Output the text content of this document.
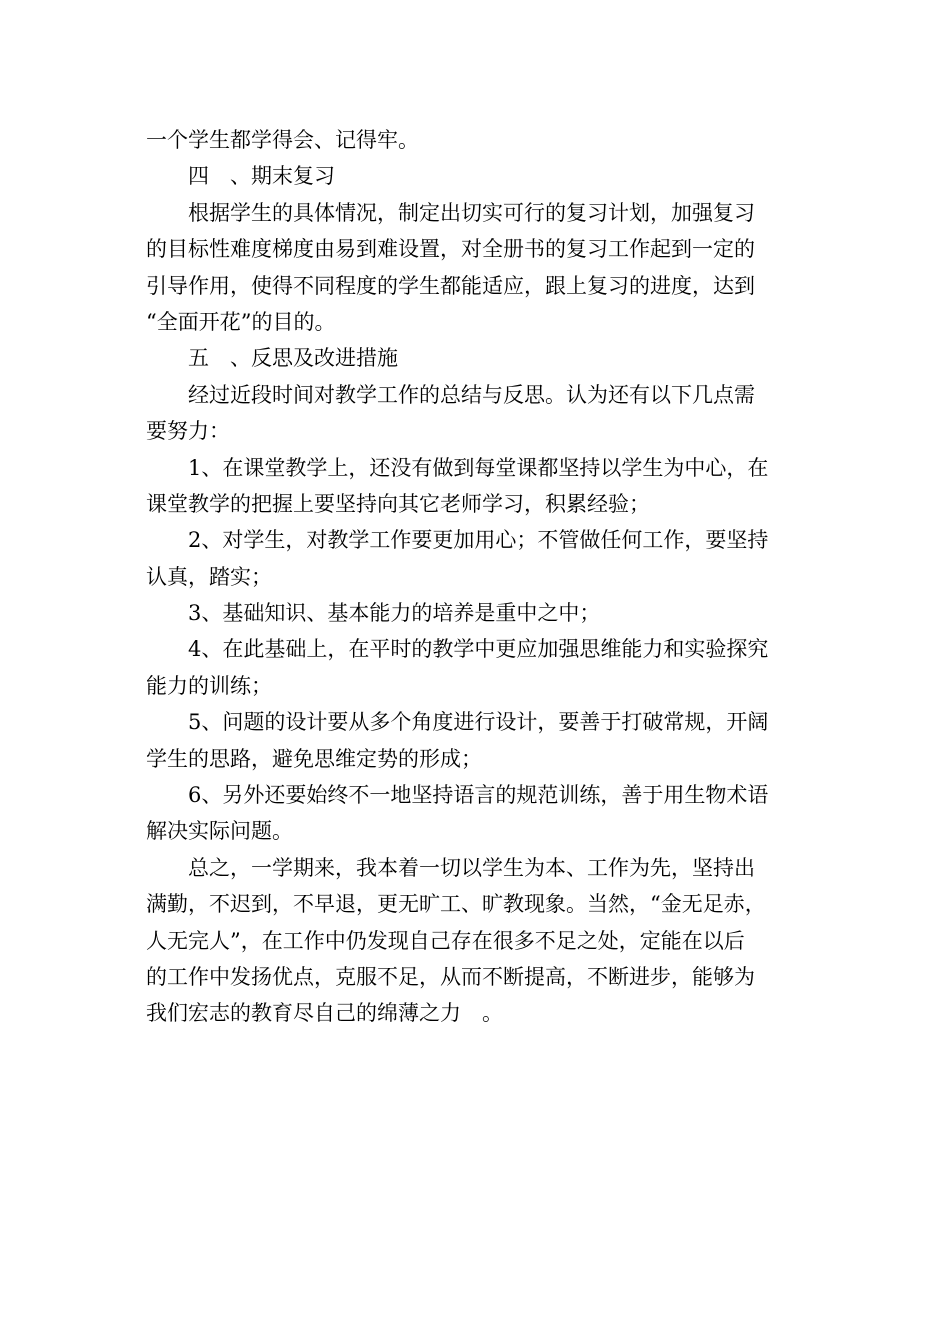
一个学生都学得会、记得牢。
四　、期末复习
根据学生的具体情况，制定出切实可行的复习计划，加强复习
的目标性难度梯度由易到难设置，对全册书的复习工作起到一定的
引导作用，使得不同程度的学生都能适应，跟上复习的进度，达到
“全面开花”的目的。
五　、反思及改进措施
经过近段时间对教学工作的总结与反思。认为还有以下几点需
要努力：
1、在课堂教学上，还没有做到每堂课都坚持以学生为中心，在
课堂教学的把握上要坚持向其它老师学习，积累经验；
2、对学生，对教学工作要更加用心；不管做任何工作，要坚持
认真，踏实；
3、基础知识、基本能力的培养是重中之中；
4、在此基础上，在平时的教学中更应加强思维能力和实验探究
能力的训练；
5、问题的设计要从多个角度进行设计，要善于打破常规，开阔
学生的思路，避免思维定势的形成；
6、另外还要始终不一地坚持语言的规范训练，善于用生物术语
解决实际问题。
总之，一学期来，我本着一切以学生为本、工作为先，坚持出
满勤，不迟到，不早退，更无旷工、旷教现象。当然，“金无足赤，
人无完人”，在工作中仍发现自己存在很多不足之处，定能在以后
的工作中发扬优点，克服不足，从而不断提高，不断进步，能够为
我们宏志的教育尽自己的绵薄之力　。
